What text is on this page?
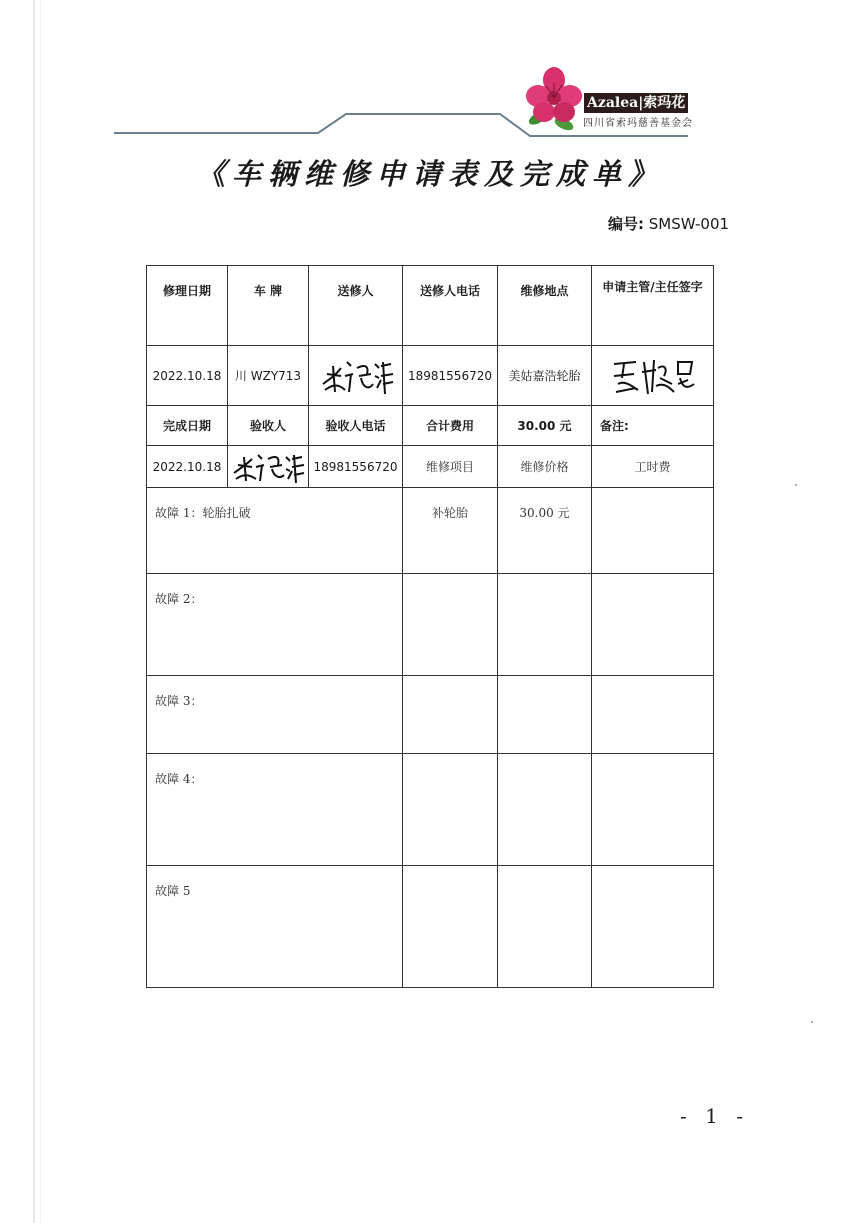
Azalea|索玛花
四川省索玛慈善基金会
《车辆维修申请表及完成单》
编号: SMSW-001
修理日期	车 牌	送修人	送修人电话	维修地点	申请主管/主任签字
2022.10.18	川 WZY713		18981556720	美姑嘉浩轮胎	

完成日期	验收人	验收人电话	合计费用	30.00 元	备注:
2022.10.18		18981556720	维修项目	维修价格	工时费
故障 1：轮胎扎破			补轮胎	30.00 元	
故障 2：					
故障 3：					
故障 4：					
故障 5					
- 1 -
